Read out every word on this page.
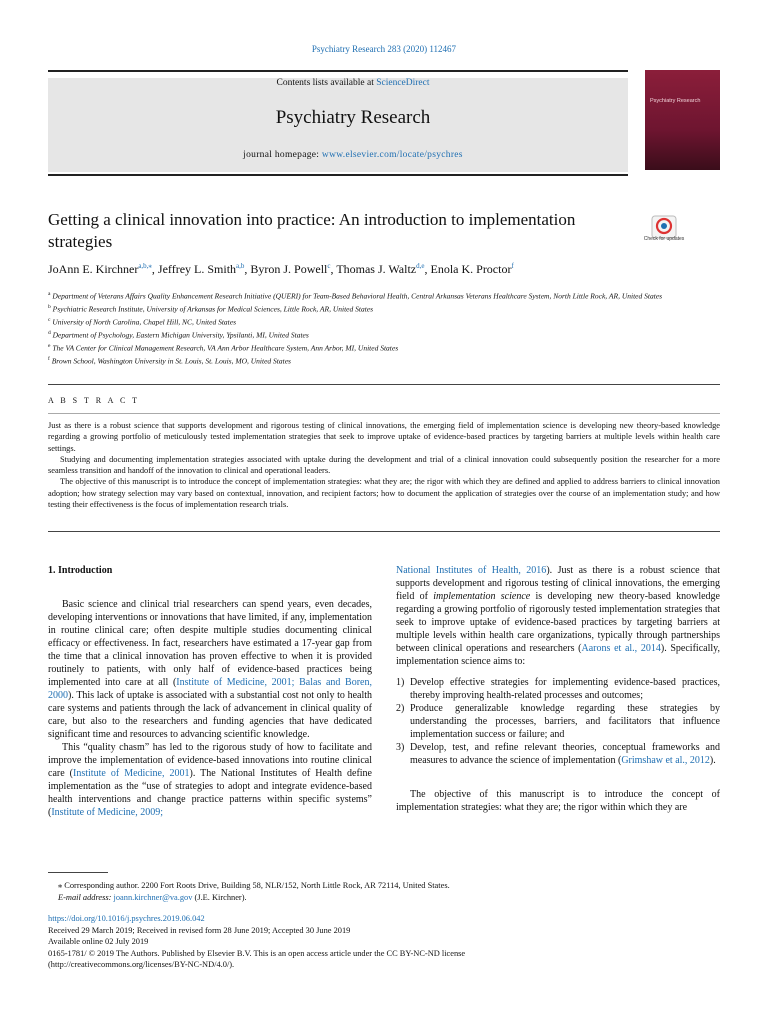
Psychiatry Research 283 (2020) 112467
Contents lists available at ScienceDirect
Psychiatry Research
journal homepage: www.elsevier.com/locate/psychres
Psychiatry Research
Getting a clinical innovation into practice: An introduction to implementation strategies	Check for updates
JoAnn E. Kirchner$^{a,b,⁎}$, Jeffrey L. Smith$^{a,b}$, Byron J. Powell$^c$, Thomas J. Waltz$^{d,e}$, Enola K. Proctor$^f$
$^a$ Department of Veterans Affairs Quality Enhancement Research Initiative (QUERI) for Team-Based Behavioral Health, Central Arkansas Veterans Healthcare System, North Little Rock, AR, United States
$^b$ Psychiatric Research Institute, University of Arkansas for Medical Sciences, Little Rock, AR, United States
$^c$ University of North Carolina, Chapel Hill, NC, United States
$^d$ Department of Psychology, Eastern Michigan University, Ypsilanti, MI, United States
$^e$ The VA Center for Clinical Management Research, VA Ann Arbor Healthcare System, Ann Arbor, MI, United States
$^f$ Brown School, Washington University in St. Louis, St. Louis, MO, United States
A B S T R A C T

Just as there is a robust science that supports development and rigorous testing of clinical innovations, the emerging field of implementation science is developing new theory-based knowledge regarding a growing portfolio of meticulously tested implementation strategies that seek to improve uptake of evidence-based practices by targeting barriers at multiple levels within health care settings.

Studying and documenting implementation strategies associated with uptake during the development and trial of a clinical innovation could subsequently position the researcher for a more seamless transition and handoff of the innovation to clinical and operational leaders.

The objective of this manuscript is to introduce the concept of implementation strategies: what they are; the rigor with which they are defined and applied to address barriers to clinical innovation adoption; how strategy selection may vary based on contextual, innovation, and recipient factors; how to document the application of strategies over the course of an implementation study; and how testing their effectiveness is the focus of implementation research trials.

1. Introduction

Basic science and clinical trial researchers can spend years, even decades, developing interventions or innovations that have limited, if any, implementation in routine clinical care; often despite multiple studies documenting clinical efficacy or effectiveness. In fact, researchers have estimated a 17-year gap from the time that a clinical innovation has proven effective to when it is provided routinely to patients, with only half of evidence-based practices being implemented into care at all (Institute of Medicine, 2001; Balas and Boren, 2000). This lack of uptake is associated with a substantial cost not only to health care systems and patients through the lack of advancement in clinical quality of care, but also to the researchers and funding agencies that have dedicated significant time and resources to advancing scientific knowledge.

This “quality chasm” has led to the rigorous study of how to facilitate and improve the implementation of evidence-based innovations into routine clinical care (Institute of Medicine, 2001). The National Institutes of Health define implementation as the “use of strategies to adopt and integrate evidence-based health interventions and change practice patterns within specific systems” (Institute of Medicine, 2009;

National Institutes of Health, 2016). Just as there is a robust science that supports development and rigorous testing of clinical innovations, the emerging field of implementation science is developing new theory-based knowledge regarding a growing portfolio of rigorously tested implementation strategies that seek to improve uptake of evidence-based practices by targeting barriers at multiple levels within health care organizations, typically through partnerships between clinical operations and researchers (Aarons et al., 2014). Specifically, implementation science aims to:

1) Develop effective strategies for implementing evidence-based practices, thereby improving health-related processes and outcomes;
2) Produce generalizable knowledge regarding these strategies by understanding the processes, barriers, and facilitators that influence implementation success or failure; and
3) Develop, test, and refine relevant theories, conceptual frameworks and measures to advance the science of implementation (Grimshaw et al., 2012).

The objective of this manuscript is to introduce the concept of implementation strategies: what they are; the rigor within which they are

⁎ Corresponding author. 2200 Fort Roots Drive, Building 58, NLR/152, North Little Rock, AR 72114, United States.
E-mail address: joann.kirchner@va.gov (J.E. Kirchner).
https://doi.org/10.1016/j.psychres.2019.06.042
Received 29 March 2019; Received in revised form 28 June 2019; Accepted 30 June 2019
Available online 02 July 2019
0165-1781/ © 2019 The Authors. Published by Elsevier B.V. This is an open access article under the CC BY-NC-ND license
(http://creativecommons.org/licenses/BY-NC-ND/4.0/).
